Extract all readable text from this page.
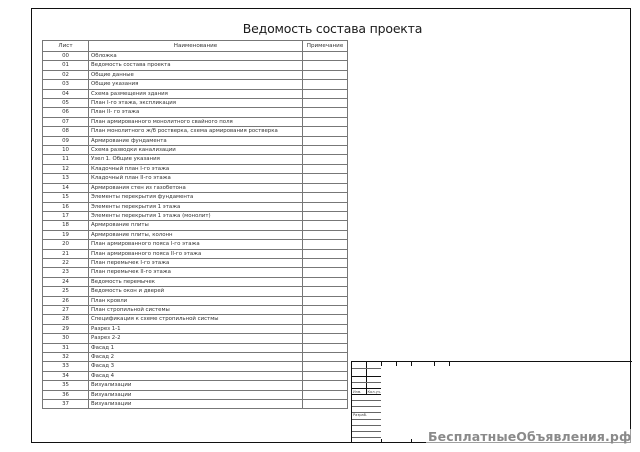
Ведомость состава проекта
Лист	Наименование	Примечание
00	Обложка	
01	Ведомость состава проекта	
02	Общие данные	
03	Общие указания	
04	Схема размещения здания	
05	План I-го этажа, экспликация	
06	План II- го этажа	
07	План армированного монолитного свайного поля	
08	План монолитного ж/б ростверка, схема армирования ростверка	
09	Армирование фундамента	
10	Схема разводки канализации	
11	Узел 1. Общие указания	
12	Кладочный план I-го этажа	
13	Кладочный план II-го этажа	
14	Армирования стен из газобетона	
15	Элементы перекрытия фундамента	
16	Элементы перекрытия 1 этажа	
17	Элементы перекрытия 1 этажа (монолит)	
18	Армирование плиты	
19	Армирование плиты, колонн	
20	План армированного пояса I-го этажа	
21	План армированного пояса II-го этажа	
22	План перемычек I-го этажа	
23	План перемычек II-го этажа	
24	Ведомость перемычек	
25	Ведомость окон и дверей	
26	План кровли	
27	План стропильной системы	
28	Спецификация к схеме стропильной систмы	
29	Разрез 1-1	
30	Разрез 2-2	
31	Фасад 1	
32	Фасад 2	
33	Фасад 3	
34	Фасад 4	
35	Визуализации	
36	Визуализации	
37	Визуализации	
Изм. Кол.уч.
Разраб.
БесплатныеОбъявления.рф
